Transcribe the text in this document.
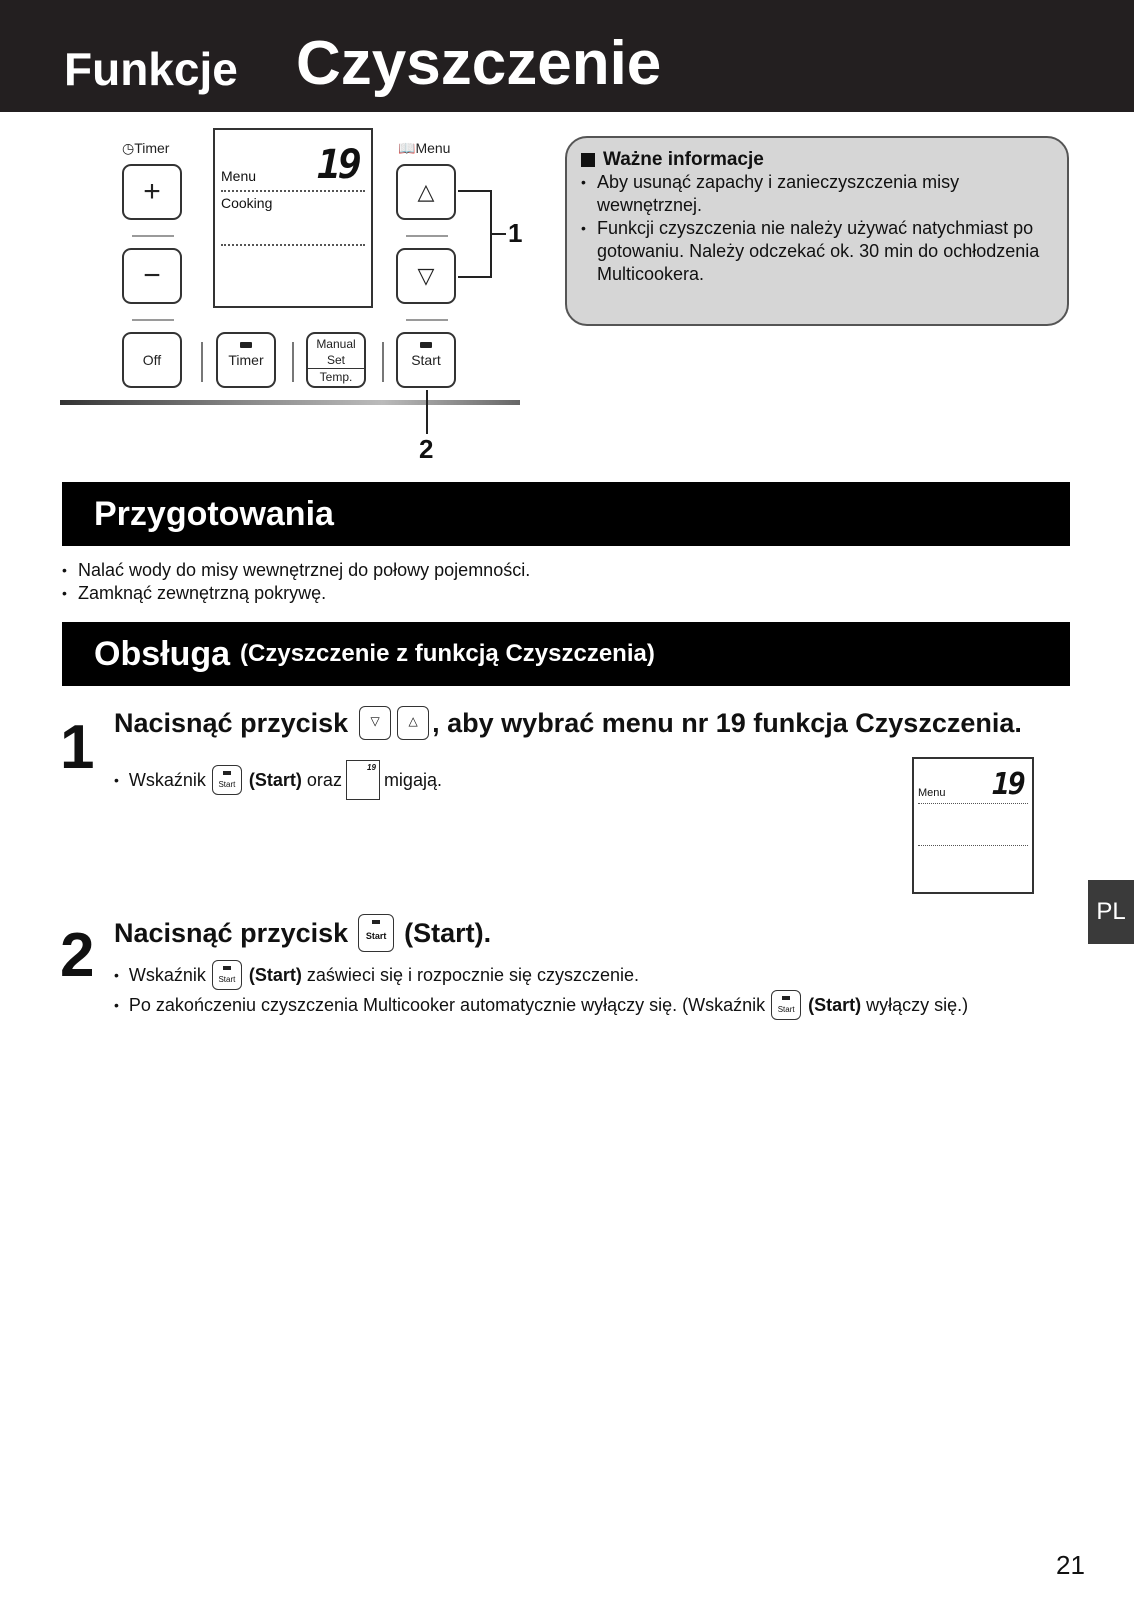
Funkcje Czyszczenie
◷Timer	📖Menu
+
−
19
Menu
Cooking	△
▽
1
Off	Timer
Manual Set
Temp.
Start
2
Ważne informacje
• Aby usunąć zapachy i zanieczyszczenia misy wewnętrznej.
• Funkcji czyszczenia nie należy używać natychmiast po gotowaniu. Należy odczekać ok. 30 min do ochłodzenia Multicookera.
Przygotowania
• Nalać wody do misy wewnętrznej do połowy pojemności.
• Zamknąć zewnętrzną pokrywę.
Obsługa (Czyszczenie z funkcją Czyszczenia)
1 Nacisnąć przycisk	▽ △ , aby wybrać menu nr 19 funkcja Czyszczenia.
• Wskaźnik	Start (Start) oraz
19
migają.	19
Menu
PL
2 Nacisnąć przycisk	Start (Start).
• Wskaźnik	Start (Start) zaświeci się i rozpocznie się czyszczenie.
• Po zakończeniu czyszczenia Multicooker automatycznie wyłączy się. (Wskaźnik	Start (Start) wyłączy się.)
21
